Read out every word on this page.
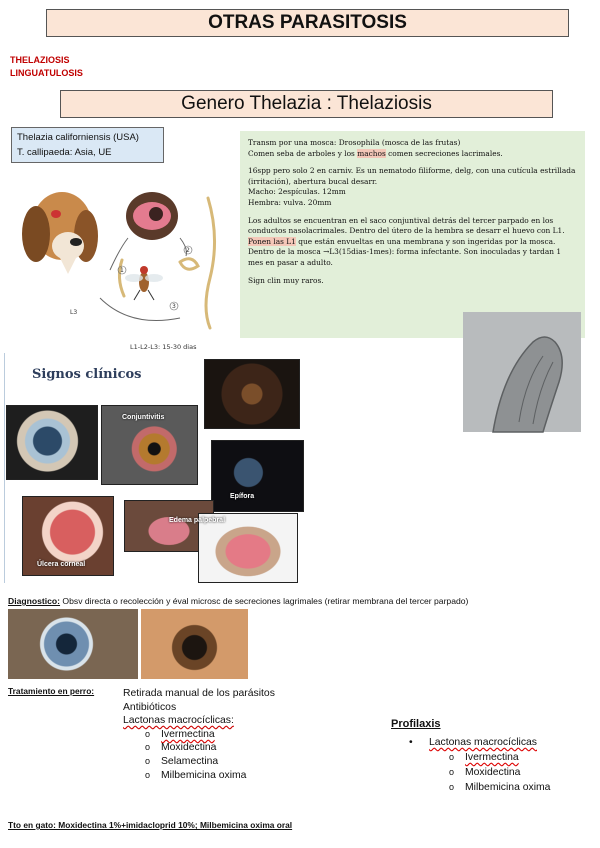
OTRAS PARASITOSIS
THELAZIOSIS
LINGUATULOSIS
Genero Thelazia : Thelaziosis
Thelazia californiensis (USA)
T. callipaeda: Asia, UE

Transm por una mosca: Drosophila (mosca de las frutas)
Comen seba de arboles y los machos comen secreciones lacrimales.

16spp pero solo 2 en carniv. Es un nematodo filiforme, delg, con una cutícula estrillada (irritación), abertura bucal desarr.
Macho: 2espículas. 12mm
Hembra: vulva. 20mm

Los adultos se encuentran en el saco conjuntival detrás del tercer parpado en los conductos nasolacrimales. Dentro del útero de la hembra se desarr el huevo con L1. Ponen las L1 que están envueltas en una membrana y son ingeridas por la mosca. Dentro de la mosca →L3(15dias-1mes): forma infectante. Son inoculadas y tardan 1 mes en pasar a adulto.

Sign clin muy raros.

1
2
3
L3
L1-L2-L3: 15-30 dias
Signos clínicos
Conjuntivitis
Epífora
Úlcera corneal
Edema palpebral
Diagnostico: Obsv directa o recolección y éval microsc de secreciones lagrimales (retirar membrana del tercer parpado)
Tratamiento en perro:	Retirada manual de los parásitos
Antibióticos
Lactonas macrocíclicas:
o Ivermectina
o Moxidectina
o Selamectina
o Milbemicina oxima
Profilaxis
• Lactonas macrocíclicas
o Ivermectina
o Moxidectina
o Milbemicina oxima
Tto en gato: Moxidectina 1%+imidacloprid 10%; Milbemicina oxima oral
